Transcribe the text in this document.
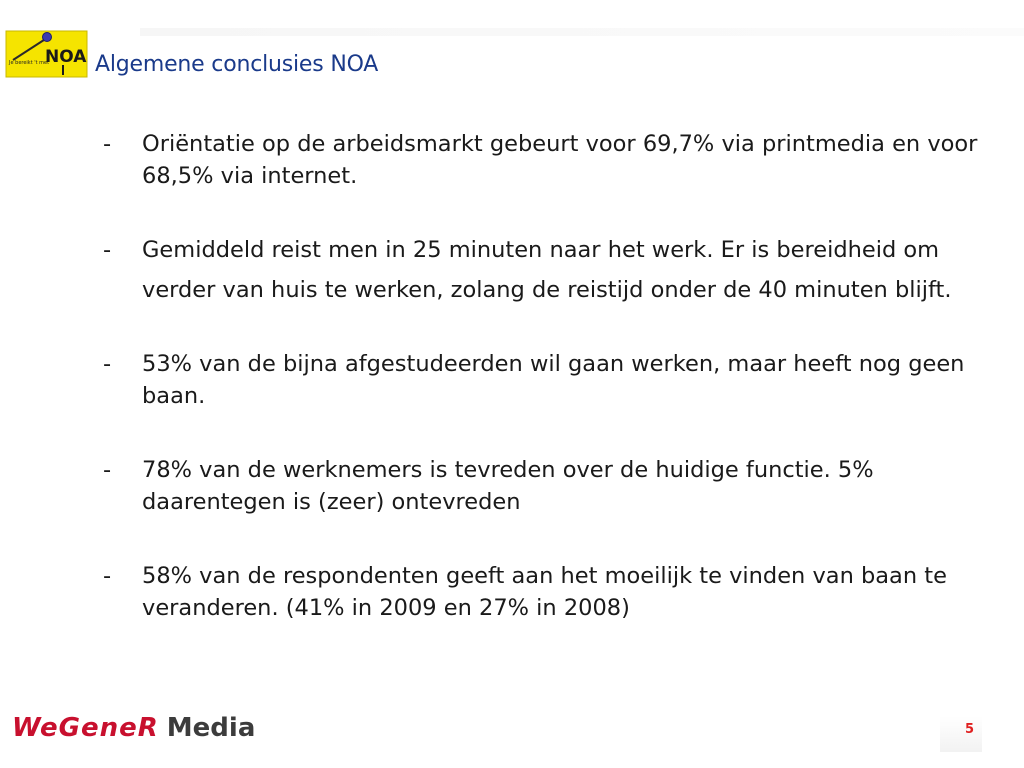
Je bereikt 't met
NOA Algemene conclusies NOA
-	Oriëntatie op de arbeidsmarkt gebeurt voor 69,7% via printmedia en voor 68,5% via internet.

-	Gemiddeld reist men in 25 minuten naar het werk. Er is bereidheid om

verder van huis te werken, zolang de reistijd onder de 40 minuten blijft.

-	53% van de bijna afgestudeerden wil gaan werken, maar heeft nog geen baan.

-	78% van de werknemers is tevreden over de huidige functie. 5% daarentegen is (zeer) ontevreden

-	58% van de respondenten geeft aan het moeilijk te vinden van baan te veranderen. (41% in 2009 en 27% in 2008)

WeGeneR Media	5
